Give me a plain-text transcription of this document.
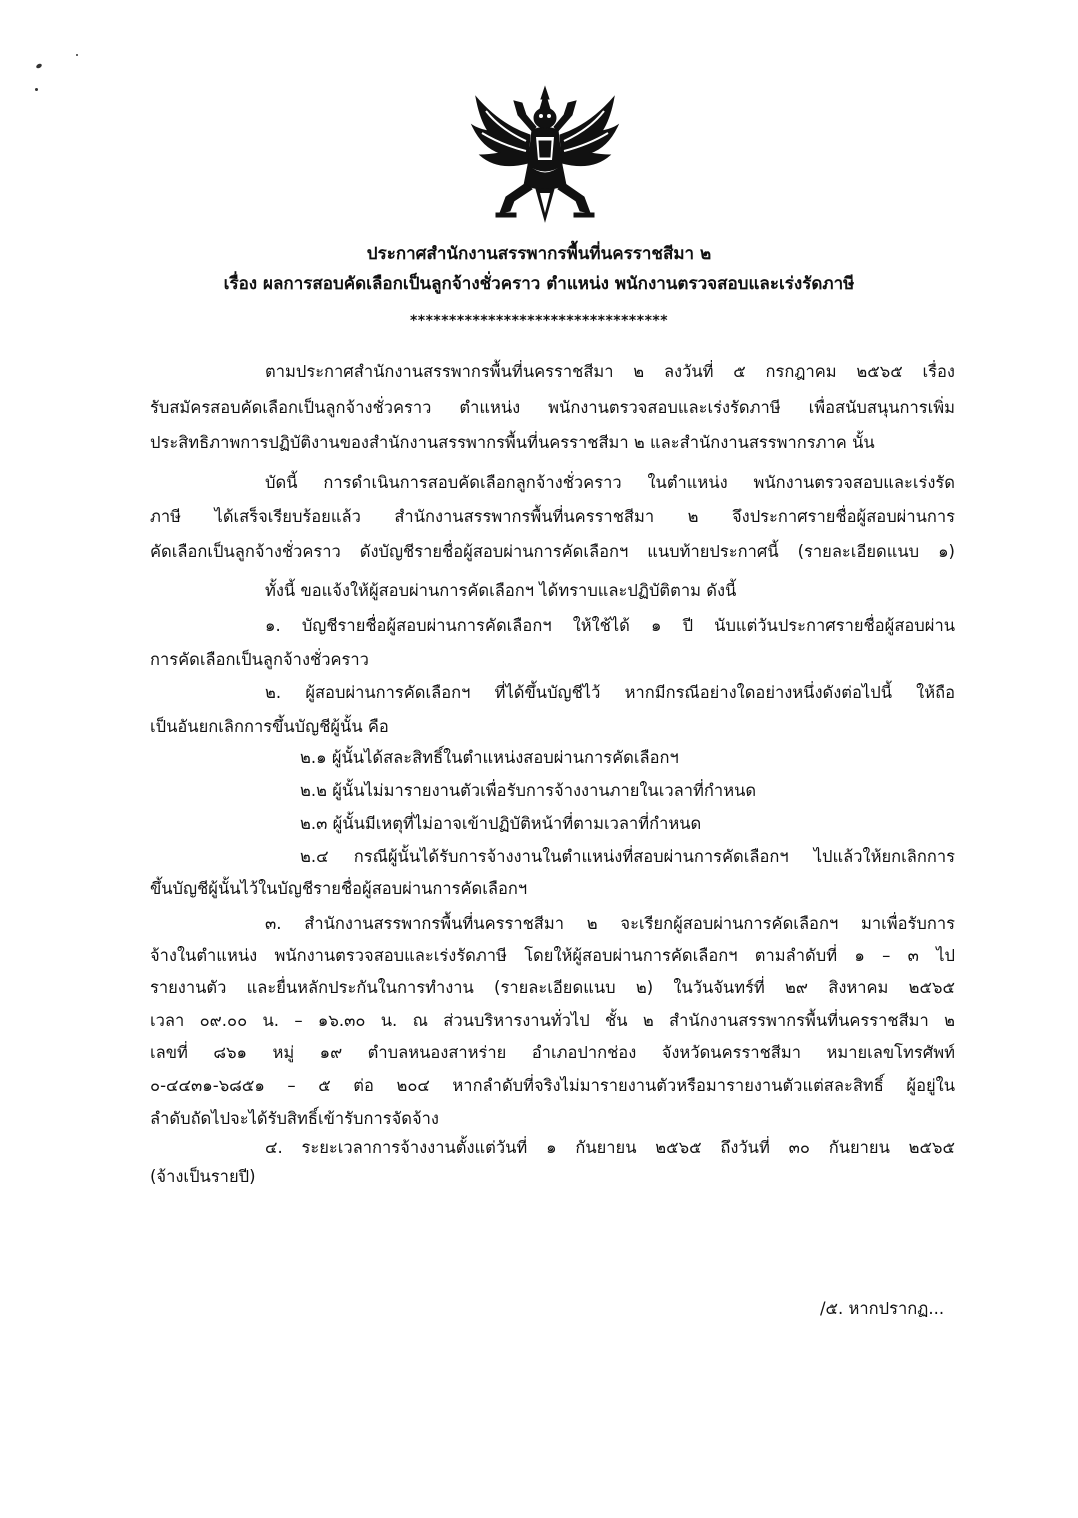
ประกาศสำนักงานสรรพากรพื้นที่นครราชสีมา ๒
เรื่อง ผลการสอบคัดเลือกเป็นลูกจ้างชั่วคราว ตำแหน่ง พนักงานตรวจสอบและเร่งรัดภาษี
*********************************
ตามประกาศสำนักงานสรรพากรพื้นที่นครราชสีมา ๒ ลงวันที่ ๕ กรกฎาคม ๒๕๖๕ เรื่อง
รับสมัครสอบคัดเลือกเป็นลูกจ้างชั่วคราว ตำแหน่ง พนักงานตรวจสอบและเร่งรัดภาษี เพื่อสนับสนุนการเพิ่ม
ประสิทธิภาพการปฏิบัติงานของสำนักงานสรรพากรพื้นที่นครราชสีมา ๒ และสำนักงานสรรพากรภาค นั้น
บัดนี้ การดำเนินการสอบคัดเลือกลูกจ้างชั่วคราว ในตำแหน่ง พนักงานตรวจสอบและเร่งรัด
ภาษี ได้เสร็จเรียบร้อยแล้ว สำนักงานสรรพากรพื้นที่นครราชสีมา ๒ จึงประกาศรายชื่อผู้สอบผ่านการ
คัดเลือกเป็นลูกจ้างชั่วคราว ดังบัญชีรายชื่อผู้สอบผ่านการคัดเลือกฯ แนบท้ายประกาศนี้ (รายละเอียดแนบ ๑)
ทั้งนี้ ขอแจ้งให้ผู้สอบผ่านการคัดเลือกฯ ได้ทราบและปฏิบัติตาม ดังนี้
๑. บัญชีรายชื่อผู้สอบผ่านการคัดเลือกฯ ให้ใช้ได้ ๑ ปี นับแต่วันประกาศรายชื่อผู้สอบผ่าน
การคัดเลือกเป็นลูกจ้างชั่วคราว
๒. ผู้สอบผ่านการคัดเลือกฯ ที่ได้ขึ้นบัญชีไว้ หากมีกรณีอย่างใดอย่างหนึ่งดังต่อไปนี้ ให้ถือ
เป็นอันยกเลิกการขึ้นบัญชีผู้นั้น คือ
๒.๑ ผู้นั้นได้สละสิทธิ์ในตำแหน่งสอบผ่านการคัดเลือกฯ
๒.๒ ผู้นั้นไม่มารายงานตัวเพื่อรับการจ้างงานภายในเวลาที่กำหนด
๒.๓ ผู้นั้นมีเหตุที่ไม่อาจเข้าปฏิบัติหน้าที่ตามเวลาที่กำหนด
๒.๔ กรณีผู้นั้นได้รับการจ้างงานในตำแหน่งที่สอบผ่านการคัดเลือกฯ ไปแล้วให้ยกเลิกการ
ขึ้นบัญชีผู้นั้นไว้ในบัญชีรายชื่อผู้สอบผ่านการคัดเลือกฯ
๓. สำนักงานสรรพากรพื้นที่นครราชสีมา ๒ จะเรียกผู้สอบผ่านการคัดเลือกฯ มาเพื่อรับการ
จ้างในตำแหน่ง พนักงานตรวจสอบและเร่งรัดภาษี โดยให้ผู้สอบผ่านการคัดเลือกฯ ตามลำดับที่ ๑ – ๓ ไป
รายงานตัว และยื่นหลักประกันในการทำงาน (รายละเอียดแนบ ๒) ในวันจันทร์ที่ ๒๙ สิงหาคม ๒๕๖๕
เวลา ๐๙.๐๐ น. – ๑๖.๓๐ น. ณ ส่วนบริหารงานทั่วไป ชั้น ๒ สำนักงานสรรพากรพื้นที่นครราชสีมา ๒
เลขที่ ๘๖๑ หมู่ ๑๙ ตำบลหนองสาหร่าย อำเภอปากช่อง จังหวัดนครราชสีมา หมายเลขโทรศัพท์
๐-๔๔๓๑-๖๘๕๑ – ๕ ต่อ ๒๐๔ หากลำดับที่จริงไม่มารายงานตัวหรือมารายงานตัวแต่สละสิทธิ์ ผู้อยู่ใน
ลำดับถัดไปจะได้รับสิทธิ์เข้ารับการจัดจ้าง
๔. ระยะเวลาการจ้างงานตั้งแต่วันที่ ๑ กันยายน ๒๕๖๕ ถึงวันที่ ๓๐ กันยายน ๒๕๖๕
(จ้างเป็นรายปี)
/๕. หากปรากฏ...
